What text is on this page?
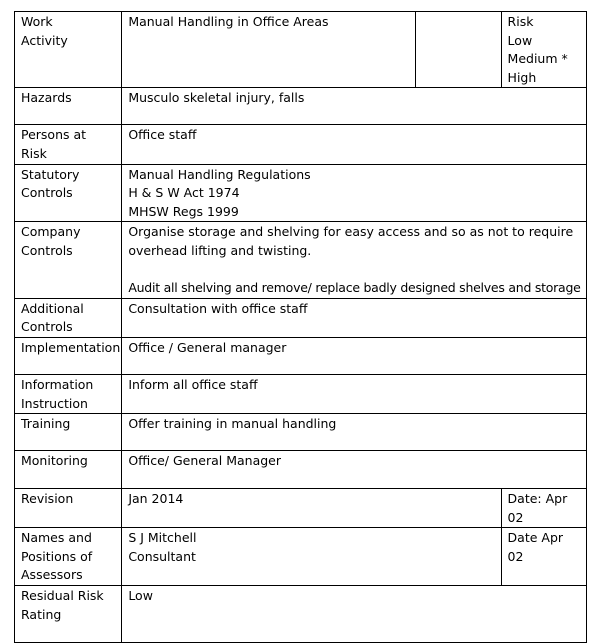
Work
Activity	Manual Handling in Office Areas		Risk
Low
Medium *
High

Hazards	Musculo skeletal injury, falls		

Persons at
Risk	Office staff		

Statutory
Controls	Manual Handling Regulations
H & S W Act 1974
MHSW Regs 1999		

Company
Controls	Organise storage and shelving for easy access and so as not to require
overhead lifting and twisting.
Audit all shelving and remove/ replace badly designed shelves and storage		

Additional
Controls	Consultation with office staff		

Implementation	Office / General manager		

Information
Instruction	Inform all office staff		

Training	Offer training in manual handling		

Monitoring	Office/ General Manager		

Revision	Jan 2014		Date: Apr
02

Names and
Positions of
Assessors	S J Mitchell
Consultant		Date Apr
02

Residual Risk
Rating	Low		
